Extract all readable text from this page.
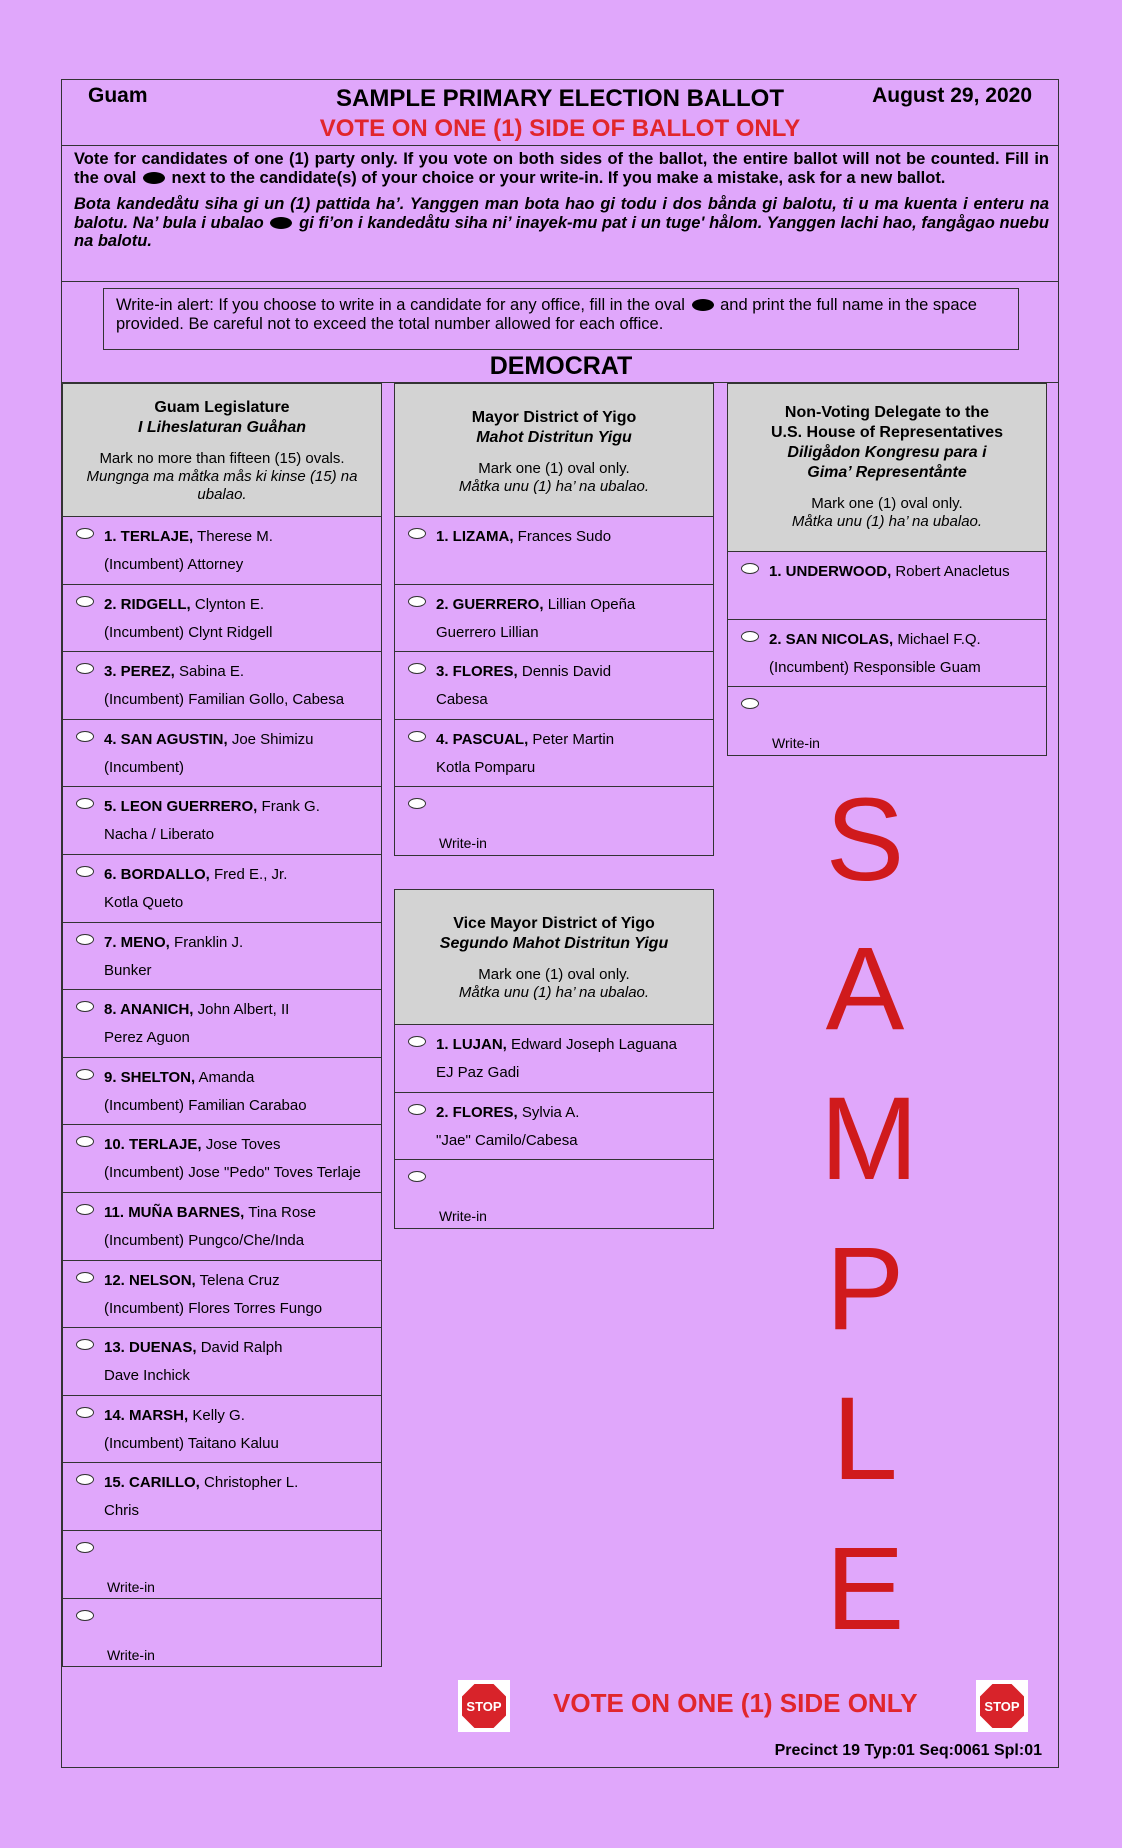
Guam	SAMPLE PRIMARY ELECTION BALLOT	August 29, 2020
VOTE ON ONE (1) SIDE OF BALLOT ONLY

Vote for candidates of one (1) party only. If you vote on both sides of the ballot, the entire ballot will not be counted. Fill in the oval next to the candidate(s) of your choice or your write-in. If you make a mistake, ask for a new ballot.

Bota kandedåtu siha gi un (1) pattida ha’. Yanggen man bota hao gi todu i dos bånda gi balotu, ti u ma kuenta i enteru na balotu. Na’ bula i ubalao gi fi’on i kandedåtu siha ni’ inayek-mu pat i un tuge' hålom. Yanggen lachi hao, fangågao nuebu na balotu.

Write-in alert: If you choose to write in a candidate for any office, fill in the oval and print the full name in the space provided. Be careful not to exceed the total number allowed for each office.
DEMOCRAT
Guam Legislature
I Liheslaturan Guåhan
Mark no more than fifteen (15) ovals.
Mungnga ma måtka mås ki kinse (15) na ubalao.
1. TERLAJE, Therese M.
(Incumbent) Attorney
2. RIDGELL, Clynton E.
(Incumbent) Clynt Ridgell
3. PEREZ, Sabina E.
(Incumbent) Familian Gollo, Cabesa
4. SAN AGUSTIN, Joe Shimizu
(Incumbent)
5. LEON GUERRERO, Frank G.
Nacha / Liberato
6. BORDALLO, Fred E., Jr.
Kotla Queto
7. MENO, Franklin J.
Bunker
8. ANANICH, John Albert, II
Perez Aguon
9. SHELTON, Amanda
(Incumbent) Familian Carabao
10. TERLAJE, Jose Toves
(Incumbent) Jose "Pedo" Toves Terlaje
11. MUÑA BARNES, Tina Rose
(Incumbent) Pungco/Che/Inda
12. NELSON, Telena Cruz
(Incumbent) Flores Torres Fungo
13. DUENAS, David Ralph
Dave Inchick
14. MARSH, Kelly G.
(Incumbent) Taitano Kaluu
15. CARILLO, Christopher L.
Chris
Write-in
Write-in
Mayor District of Yigo
Mahot Distritun Yigu
Mark one (1) oval only.
Måtka unu (1) ha’ na ubalao.
1. LIZAMA, Frances Sudo
2. GUERRERO, Lillian Opeña
Guerrero Lillian
3. FLORES, Dennis David
Cabesa
4. PASCUAL, Peter Martin
Kotla Pomparu
Write-in
Vice Mayor District of Yigo
Segundo Mahot Distritun Yigu
Mark one (1) oval only.
Måtka unu (1) ha’ na ubalao.
1. LUJAN, Edward Joseph Laguana
EJ Paz Gadi
2. FLORES, Sylvia A.
"Jae" Camilo/Cabesa
Write-in
Non-Voting Delegate to the
U.S. House of Representatives
Diligådon Kongresu para i
Gima’ Representånte
Mark one (1) oval only.
Måtka unu (1) ha’ na ubalao.
1. UNDERWOOD, Robert Anacletus
2. SAN NICOLAS, Michael F.Q.
(Incumbent) Responsible Guam
Write-in
S
A
M
P
L
E
STOP VOTE ON ONE (1) SIDE ONLY	STOP
Precinct 19 Typ:01 Seq:0061 Spl:01
